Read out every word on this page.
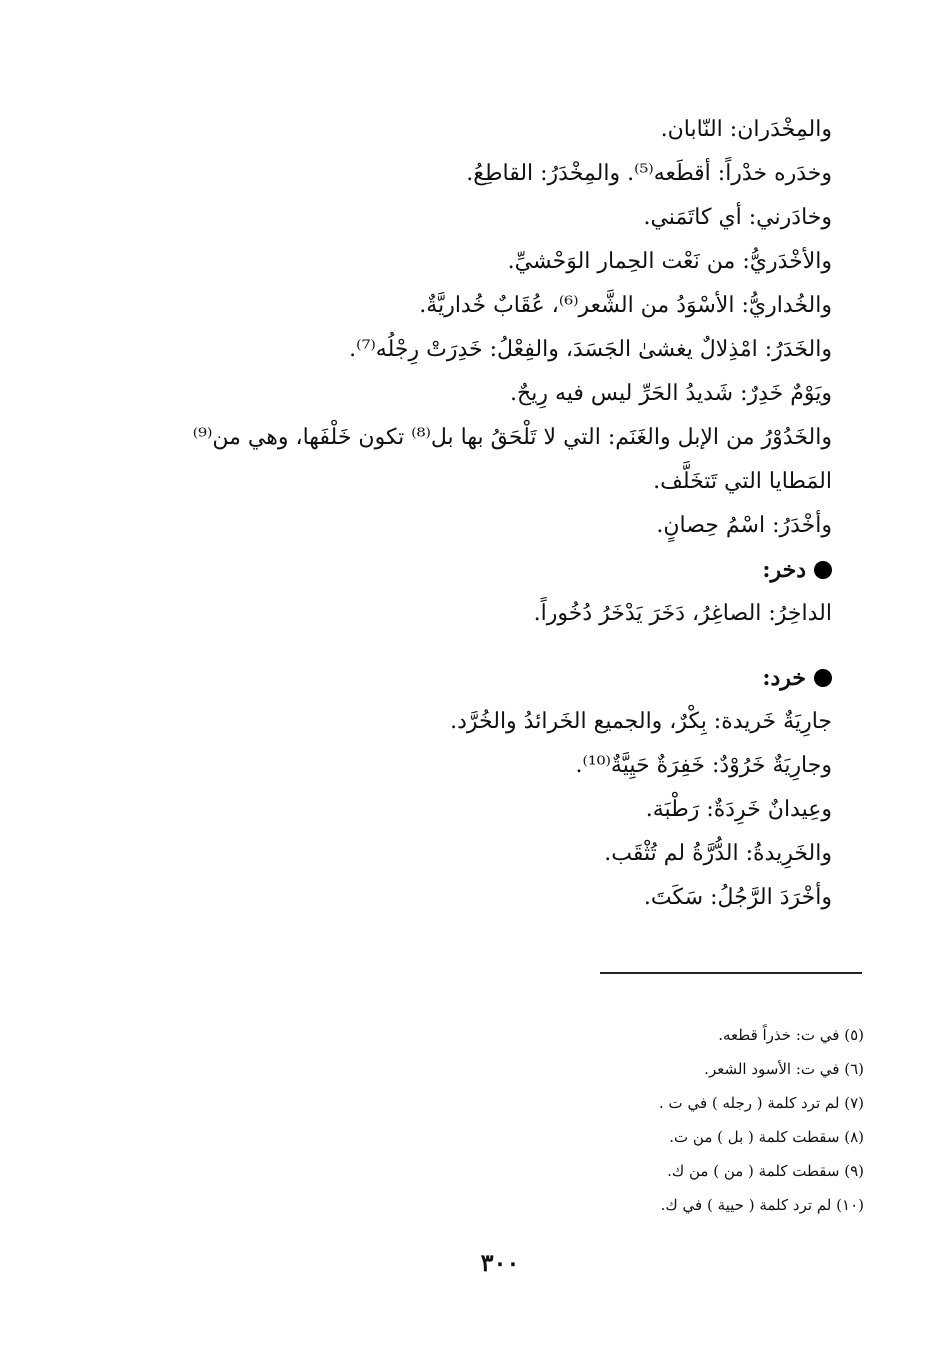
والمِخْدَران: النّابان.
وخدَره خدْراً: أقطَعه⁽⁵⁾. والمِخْدَرُ: القاطِعُ.
وخادَرني: أي كاتَمَني.
والأخْدَريُّ: من نَعْت الحِمار الوَحْشيِّ.
والخُداريُّ: الأسْوَدُ من الشَّعر⁽⁶⁾، عُقَابٌ خُداريَّةٌ.
والخَدَرُ: امْذِلالٌ يغشىٰ الجَسَدَ، والفِعْلُ: خَدِرَتْ رِجْلُه⁽⁷⁾.
ويَوْمٌ خَدِرٌ: شَديدُ الحَرِّ ليس فيه رِيحٌ.
والخَدُوْرُ من الإبل والغَنَم: التي لا تَلْحَقُ بها بل⁽⁸⁾ تكون خَلْفَها، وهي من⁽⁹⁾
المَطايا التي تَتخَلَّف.
وأخْدَرُ: اسْمُ حِصانٍ.
دخر:
الداخِرُ: الصاغِرُ، دَخَرَ يَدْخَرُ دُخُوراً.
خرد:
جارِيَةٌ خَريدة: بِكْرٌ، والجميع الخَرائدُ والخُرَّد.
وجارِيَةٌ خَرُوْدٌ: خَفِرَةٌ حَيِيَّةٌ⁽¹⁰⁾.
وعِيدانٌ خَرِدَةٌ: رَطْبَة.
والخَرِيدةُ: الدُّرَّةُ لم تُثْقَب.
وأخْرَدَ الرَّجُلُ: سَكَتَ.
(٥) في ت: خذراً قطعه.
(٦) في ت: الأسود الشعر.
(٧) لم ترد كلمة ( رجله ) في ت .
(٨) سقطت كلمة ( بل ) من ت.
(٩) سقطت كلمة ( من ) من ك.
(١٠) لم ترد كلمة ( حيية ) في ك.
٣٠٠
